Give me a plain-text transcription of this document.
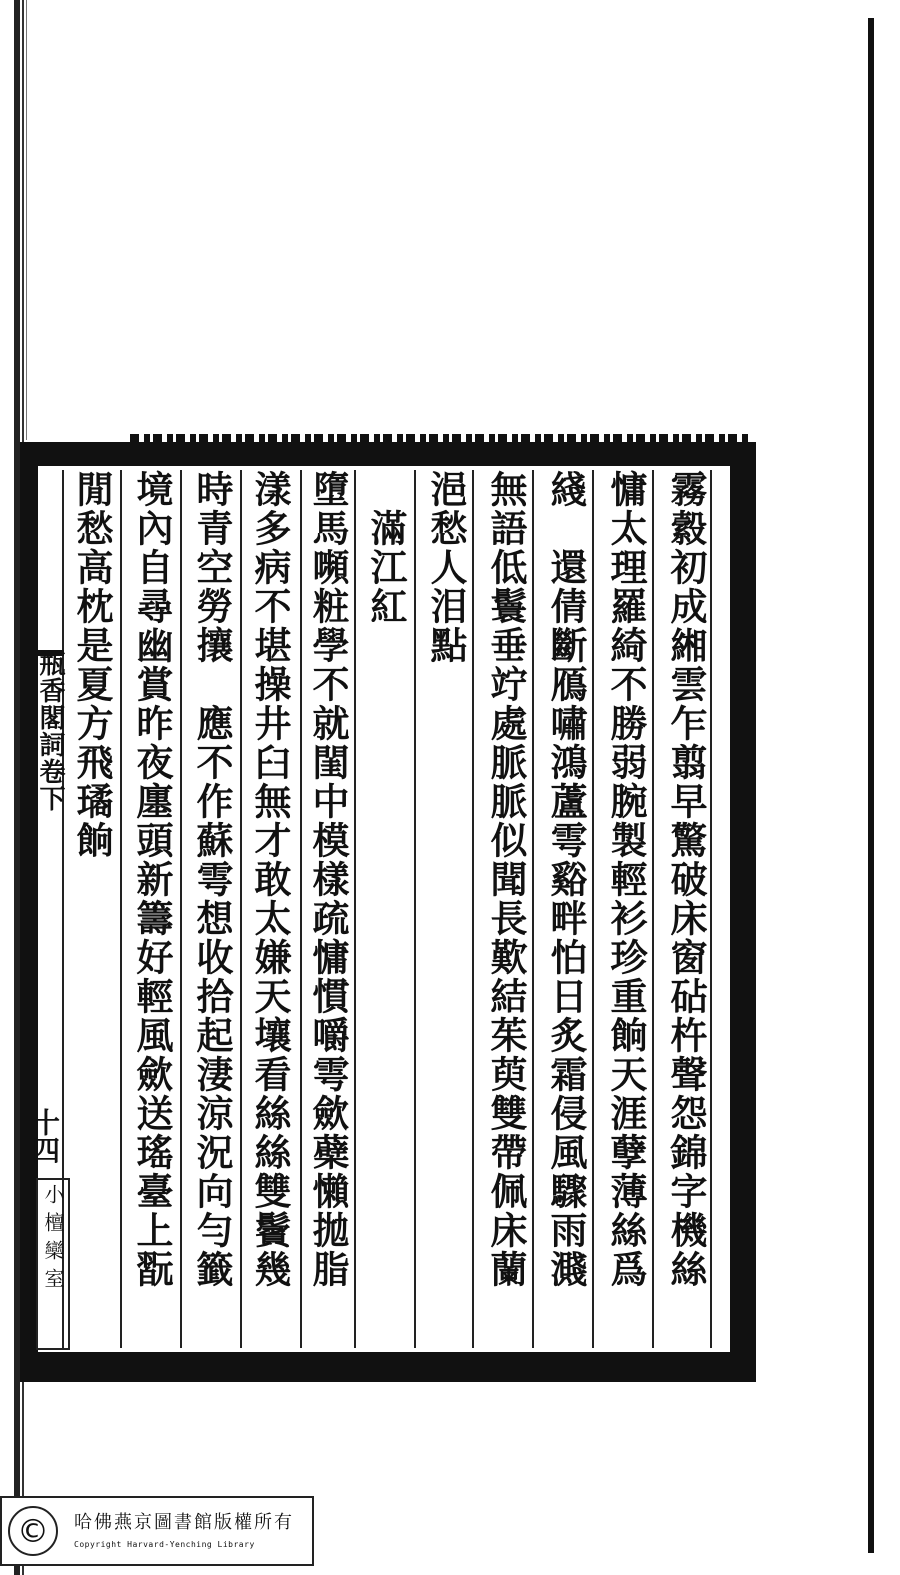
瓶香閣詞卷下
十四
小檀欒室	霧縠初成緗雲乍翦早驚破床窗砧杵聲怨錦字機絲
慵太理羅綺不勝弱腕製輕衫珍重餉天涯孽薄絲爲
綫　還倩斷鴈嘯鴻蘆雩谿畔怕日炙霜侵風驟雨濺
無語低鬟垂竚處脈脈似聞長歎結茱萸雙帶佩床蘭
浥愁人泪點
　滿江紅
墮馬嚬粧學不就閨中模樣疏慵慣嚼雩歛蘗懶拋脂
漾多病不堪操井臼無才敢太嫌天壤看絲絲雙鬢幾
時青空勞攘　應不作蘇雩想收拾起淒涼況向勻籤
境內自尋幽賞昨夜廛頭新籌好輕風歛送瑤臺上翫
閒愁高枕是夏方飛璚餉
©	哈佛燕京圖書館版權所有
Copyright Harvard-Yenching Library
